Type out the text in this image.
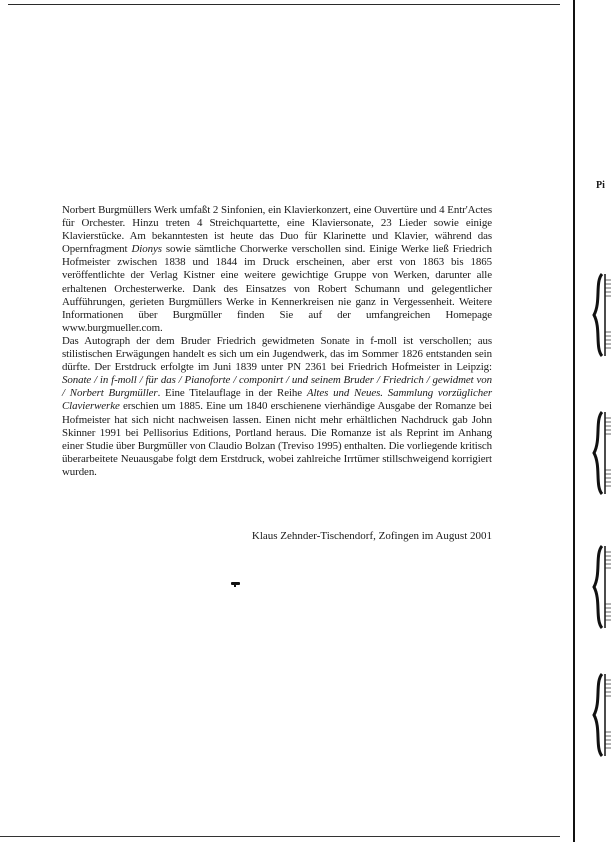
Norbert Burgmüllers Werk umfaßt 2 Sinfonien, ein Klavierkonzert, eine Ouvertüre und 4 Entr'Actes für Orchester. Hinzu treten 4 Streichquartette, eine Klaviersonate, 23 Lieder sowie einige Klavierstücke. Am bekanntesten ist heute das Duo für Klarinette und Klavier, während das Opernfragment Dionys sowie sämtliche Chorwerke verschollen sind. Einige Werke ließ Friedrich Hofmeister zwischen 1838 und 1844 im Druck erscheinen, aber erst von 1863 bis 1865 veröffentlichte der Verlag Kistner eine weitere gewichtige Gruppe von Werken, darunter alle erhaltenen Orchesterwerke. Dank des Einsatzes von Robert Schumann und gelegentlicher Aufführungen, gerieten Burgmüllers Werke in Kennerkreisen nie ganz in Vergessenheit. Weitere Informationen über Burgmüller finden Sie auf der umfangreichen Homepage www.burgmueller.com.

Das Autograph der dem Bruder Friedrich gewidmeten Sonate in f-moll ist verschollen; aus stilistischen Erwägungen handelt es sich um ein Jugendwerk, das im Sommer 1826 entstanden sein dürfte. Der Erstdruck erfolgte im Juni 1839 unter PN 2361 bei Friedrich Hofmeister in Leipzig: Sonate / in f-moll / für das / Pianoforte / componirt / und seinem Bruder / Friedrich / gewidmet von / Norbert Burgmüller. Eine Titelauflage in der Reihe Altes und Neues. Sammlung vorzüglicher Clavierwerke erschien um 1885. Eine um 1840 erschienene vierhändige Ausgabe der Romanze bei Hofmeister hat sich nicht nachweisen lassen. Einen nicht mehr erhältlichen Nachdruck gab John Skinner 1991 bei Pellisorius Editions, Portland heraus. Die Romanze ist als Reprint im Anhang einer Studie über Burgmüller von Claudio Bolzan (Treviso 1995) enthalten. Die vorliegende kritisch überarbeitete Neuausgabe folgt dem Erstdruck, wobei zahlreiche Irrtümer stillschweigend korrigiert wurden.

Klaus Zehnder-Tischendorf, Zofingen im August 2001
Pi
